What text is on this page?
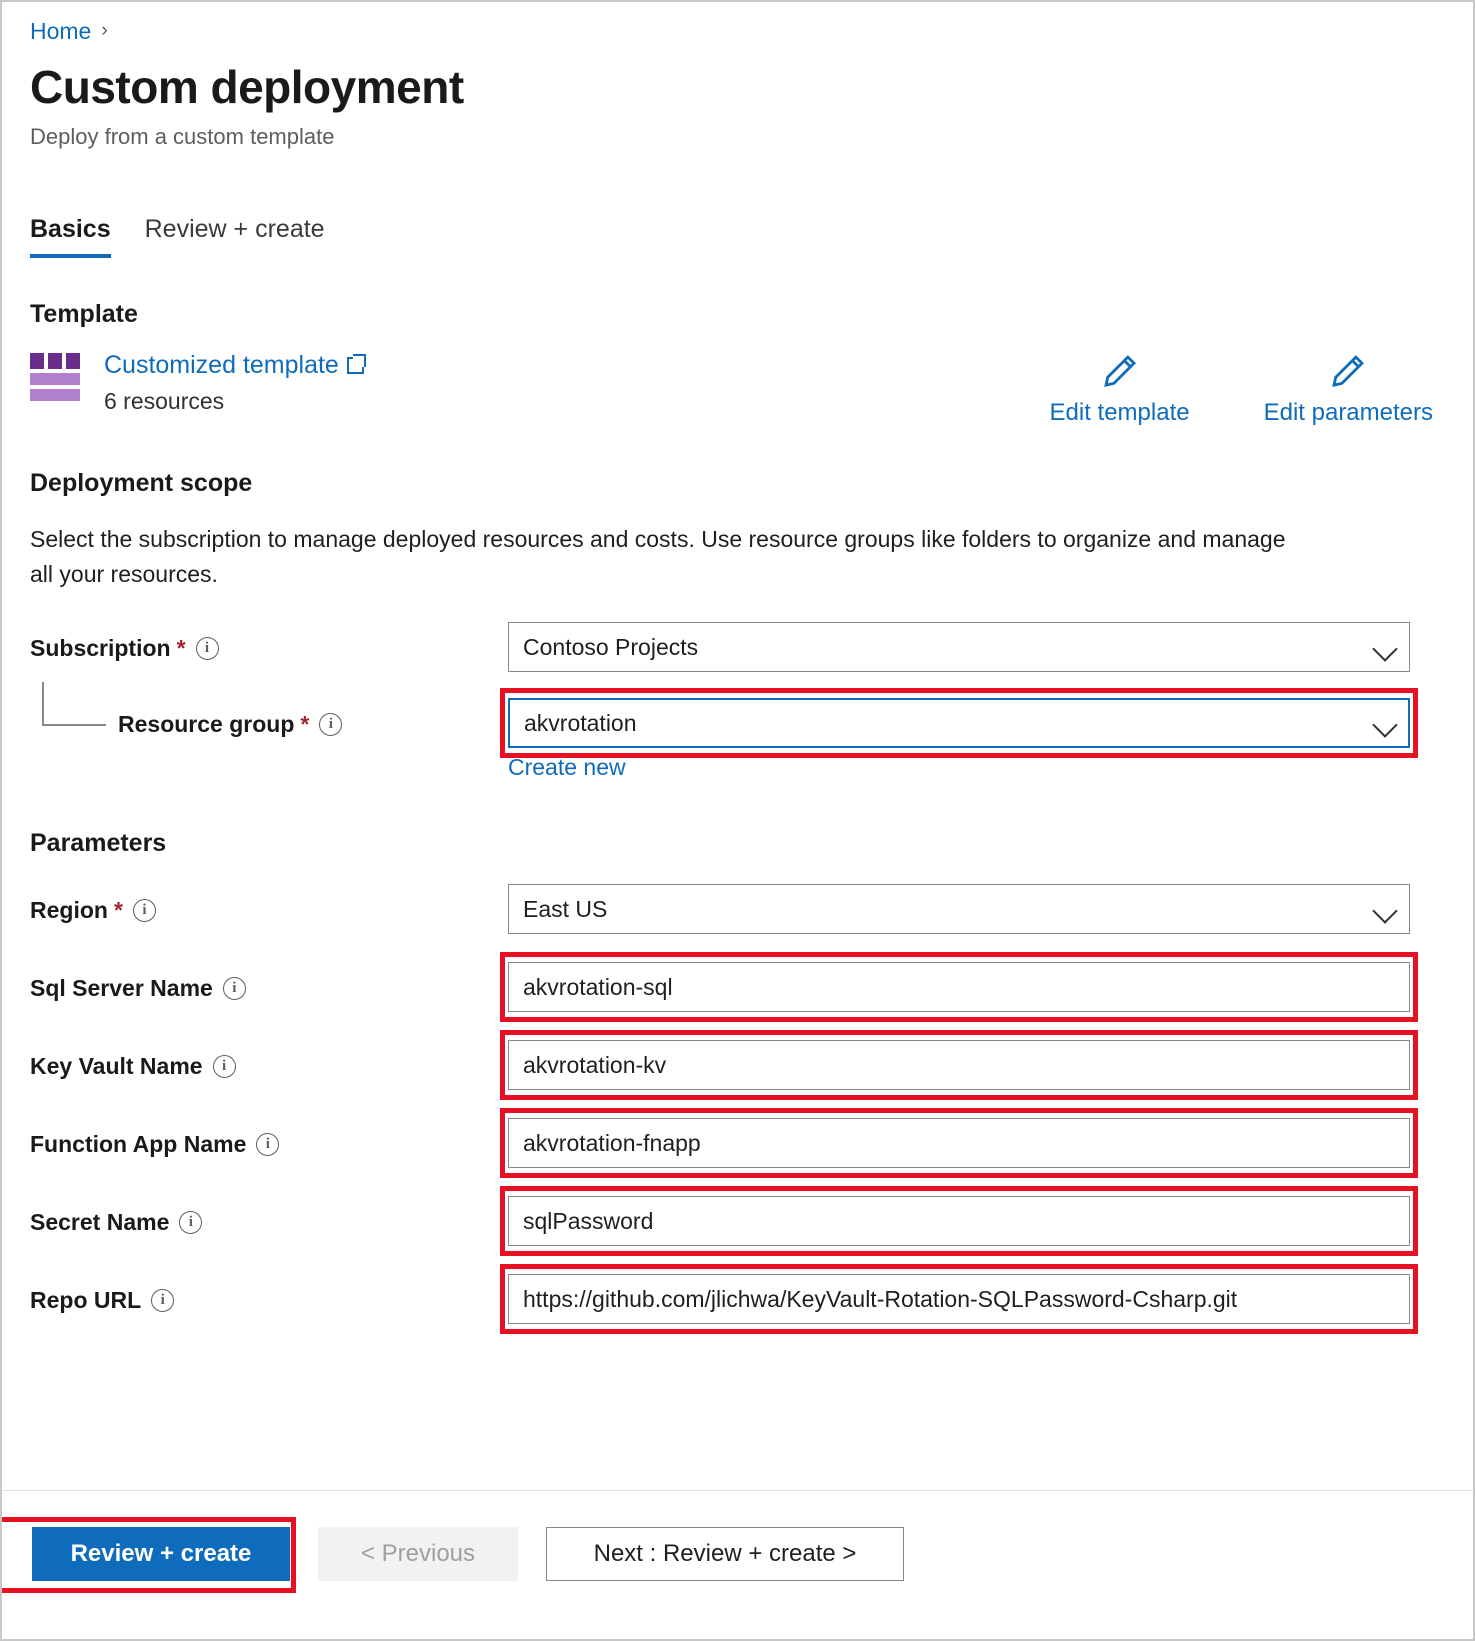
Home ›
Custom deployment
Deploy from a custom template
Basics Review + create
Template
Customized template
6 resources	Edit template	Edit parameters
Deployment scope
Select the subscription to manage deployed resources and costs. Use resource groups like folders to organize and manage all your resources.
Subscription *	i	Contoso Projects
Resource group *	i	akvrotation
Create new
Parameters
Region *	i	East US
Sql Server Name	i	akvrotation-sql
Key Vault Name	i	akvrotation-kv
Function App Name	i	akvrotation-fnapp
Secret Name	i	sqlPassword
Repo URL	i	https://github.com/jlichwa/KeyVault-Rotation-SQLPassword-Csharp.git
Review + create	< Previous	Next : Review + create >
